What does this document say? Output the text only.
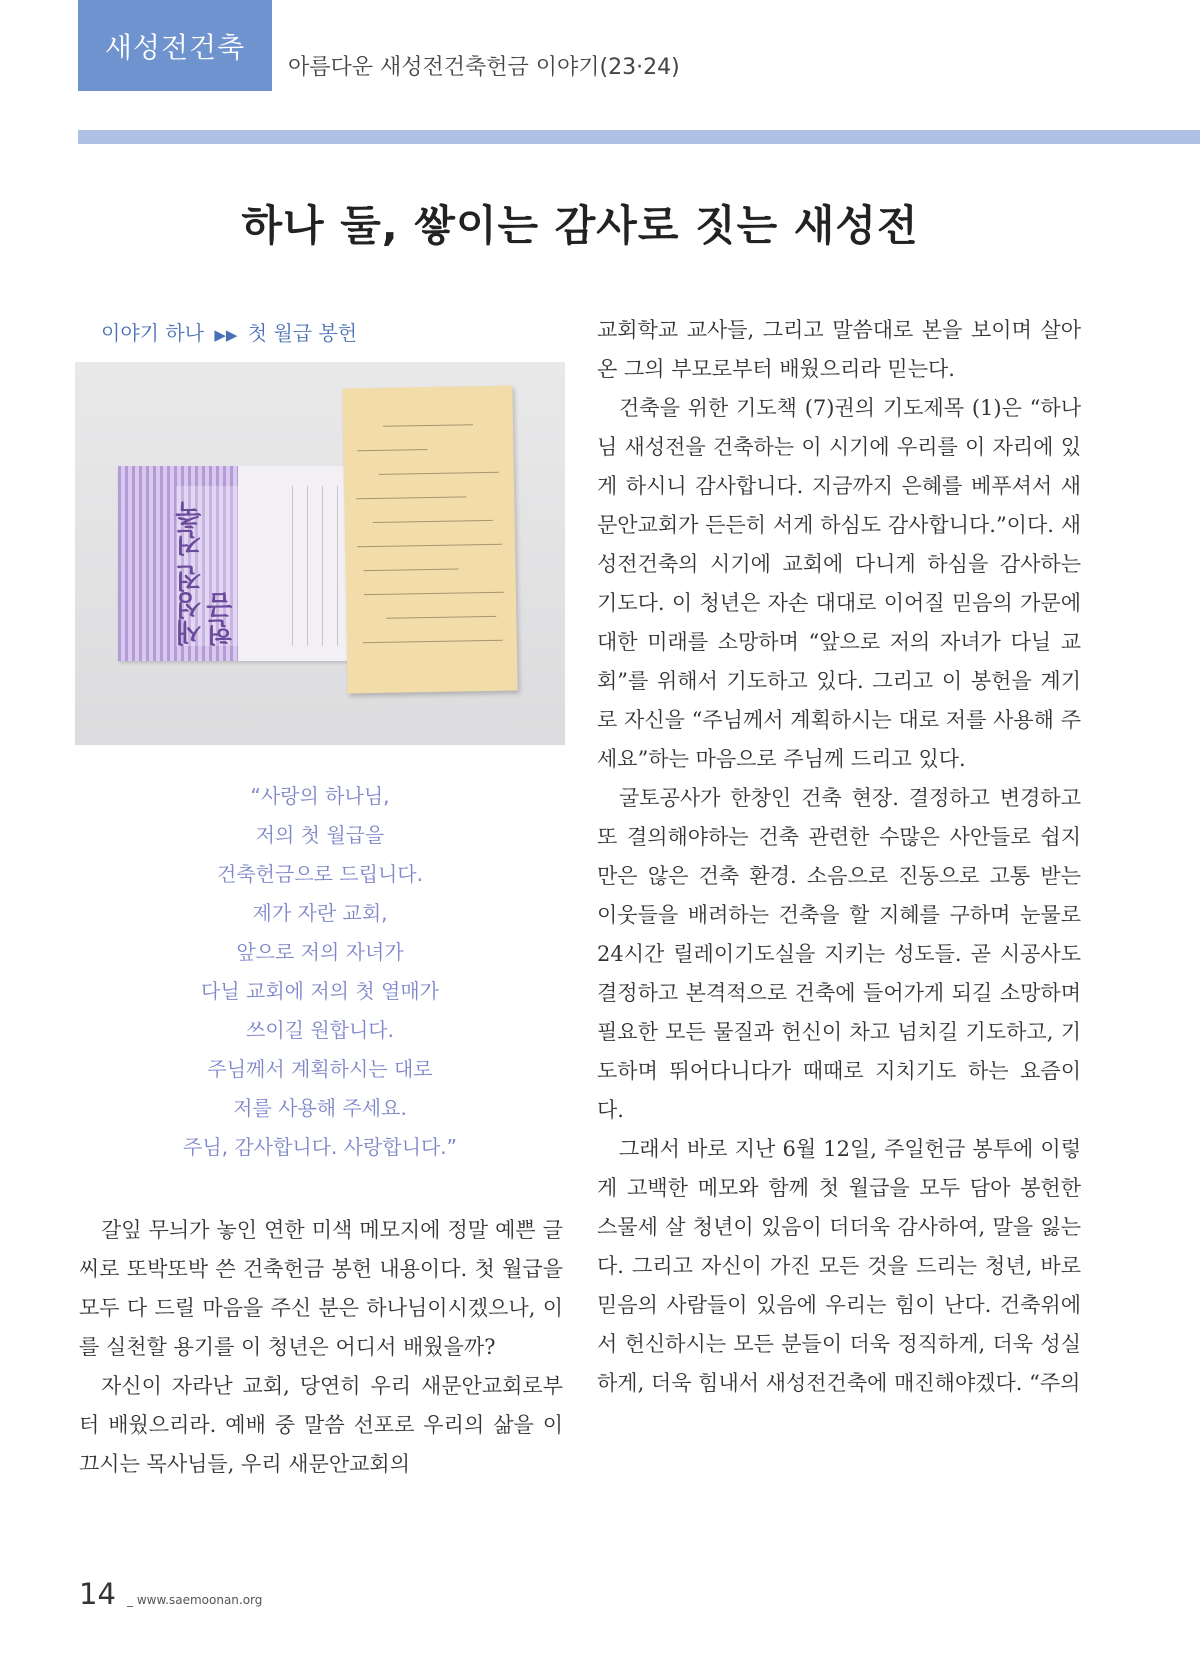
새성전건축
아름다운 새성전건축헌금 이야기(23·24)
하나 둘, 쌓이는 감사로 짓는 새성전
이야기 하나 ▶▶ 첫 월급 봉헌
새성전 건축헌금
“사랑의 하나님,
저의 첫 월급을
건축헌금으로 드립니다.
제가 자란 교회,
앞으로 저의 자녀가
다닐 교회에 저의 첫 열매가
쓰이길 원합니다.
주님께서 계획하시는 대로
저를 사용해 주세요.
주님, 감사합니다. 사랑합니다.”

갈잎 무늬가 놓인 연한 미색 메모지에 정말 예쁜 글씨로 또박또박 쓴 건축헌금 봉헌 내용이다. 첫 월급을 모두 다 드릴 마음을 주신 분은 하나님이시겠으나, 이를 실천할 용기를 이 청년은 어디서 배웠을까?

자신이 자라난 교회, 당연히 우리 새문안교회로부터 배웠으리라. 예배 중 말씀 선포로 우리의 삶을 이끄시는 목사님들, 우리 새문안교회의

교회학교 교사들, 그리고 말씀대로 본을 보이며 살아온 그의 부모로부터 배웠으리라 믿는다.

건축을 위한 기도책 (7)권의 기도제목 (1)은 “하나님 새성전을 건축하는 이 시기에 우리를 이 자리에 있게 하시니 감사합니다. 지금까지 은혜를 베푸셔서 새문안교회가 든든히 서게 하심도 감사합니다.”이다. 새성전건축의 시기에 교회에 다니게 하심을 감사하는 기도다. 이 청년은 자손 대대로 이어질 믿음의 가문에 대한 미래를 소망하며 “앞으로 저의 자녀가 다닐 교회”를 위해서 기도하고 있다. 그리고 이 봉헌을 계기로 자신을 “주님께서 계획하시는 대로 저를 사용해 주세요”하는 마음으로 주님께 드리고 있다.

굴토공사가 한창인 건축 현장. 결정하고 변경하고 또 결의해야하는 건축 관련한 수많은 사안들로 쉽지만은 않은 건축 환경. 소음으로 진동으로 고통 받는 이웃들을 배려하는 건축을 할 지혜를 구하며 눈물로 24시간 릴레이기도실을 지키는 성도들. 곧 시공사도 결정하고 본격적으로 건축에 들어가게 되길 소망하며 필요한 모든 물질과 헌신이 차고 넘치길 기도하고, 기도하며 뛰어다니다가 때때로 지치기도 하는 요즘이다.

그래서 바로 지난 6월 12일, 주일헌금 봉투에 이렇게 고백한 메모와 함께 첫 월급을 모두 담아 봉헌한 스물세 살 청년이 있음이 더더욱 감사하여, 말을 잃는다. 그리고 자신이 가진 모든 것을 드리는 청년, 바로 믿음의 사람들이 있음에 우리는 힘이 난다. 건축위에서 헌신하시는 모든 분들이 더욱 정직하게, 더욱 성실하게, 더욱 힘내서 새성전건축에 매진해야겠다. “주의

14 _ www.saemoonan.org
